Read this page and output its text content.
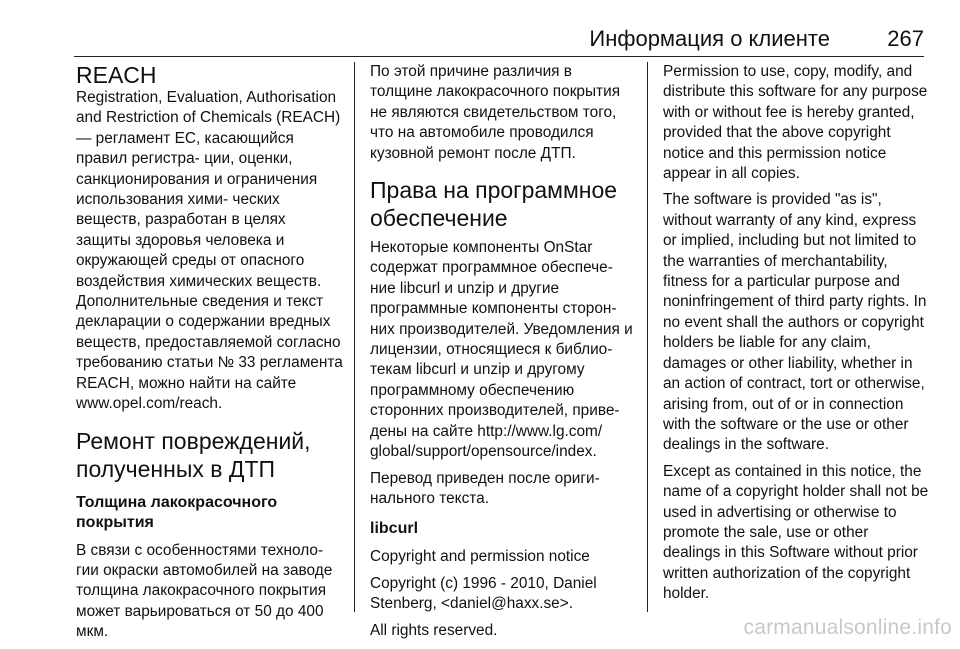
Информация о клиенте	267
REACH

Registration, Evaluation, Authorisation and Restriction of Chemicals (REACH) — регламент ЕС, касающийся правил регистра- ции, оценки, санкционирования и ограничения использования хими- ческих веществ, разработан в целях защиты здоровья человека и окружающей среды от опасного воздействия химических веществ. Дополнительные сведения и текст декларации о содержании вредных веществ, предоставляемой согласно требованию статьи № 33 регламента REACH, можно найти на сайте www.opel.com/reach.

Ремонт повреждений, полученных в ДТП
Толщина лакокрасочного покрытия

В связи с особенностями техноло- гии окраски автомобилей на заводе толщина лакокрасочного покрытия может варьироваться от 50 до 400 мкм.

По этой причине различия в толщине лакокрасочного покрытия не являются свидетельством того, что на автомобиле проводился кузовной ремонт после ДТП.

Права на программное обеспечение

Некоторые компоненты OnStar содержат программное обеспече- ние libcurl и unzip и другие программные компоненты сторон- них производителей. Уведомления и лицензии, относящиеся к библио- текам libcurl и unzip и другому программному обеспечению сторонних производителей, приве- дены на сайте http://www.lg.com/ global/support/opensource/index.

Перевод приведен после ориги- нального текста.

libcurl

Copyright and permission notice

Copyright (c) 1996 - 2010, Daniel Stenberg, <daniel@haxx.se>.

All rights reserved.

Permission to use, copy, modify, and distribute this software for any purpose with or without fee is hereby granted, provided that the above copyright notice and this permission notice appear in all copies.

The software is provided "as is", without warranty of any kind, express or implied, including but not limited to the warranties of merchantability, fitness for a particular purpose and noninfringement of third party rights. In no event shall the authors or copyright holders be liable for any claim, damages or other liability, whether in an action of contract, tort or otherwise, arising from, out of or in connection with the software or the use or other dealings in the software.

Except as contained in this notice, the name of a copyright holder shall not be used in advertising or otherwise to promote the sale, use or other dealings in this Software without prior written authorization of the copyright holder.

carmanualsonline.info
